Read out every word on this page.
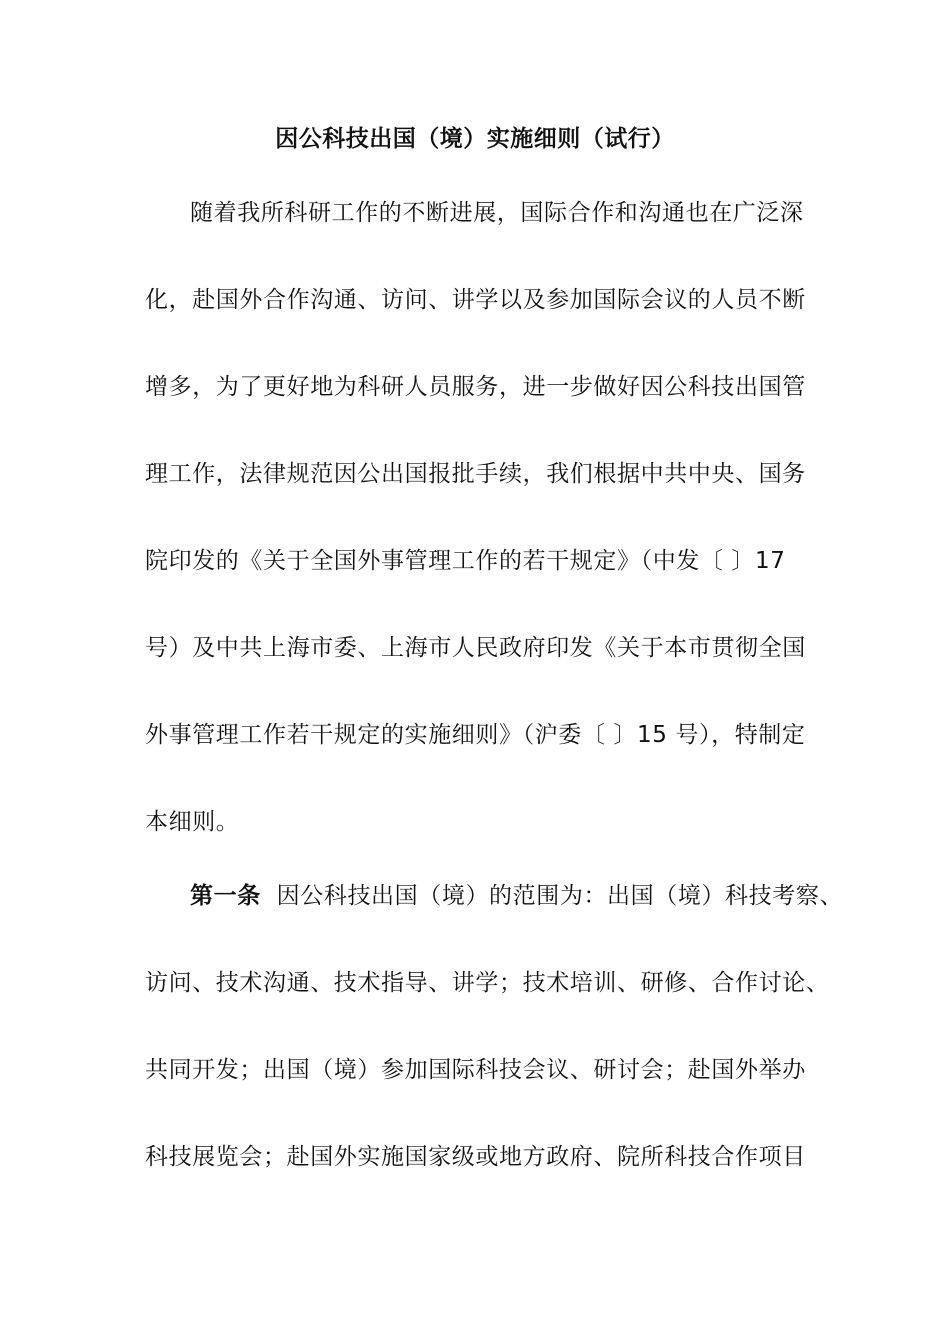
因公科技出国（境）实施细则（试行）
随着我所科研工作的不断进展，国际合作和沟通也在广泛深
化，赴国外合作沟通、访问、讲学以及参加国际会议的人员不断
增多，为了更好地为科研人员服务，进一步做好因公科技出国管
理工作，法律规范因公出国报批手续，我们根据中共中央、国务
院印发的《关于全国外事管理工作的若干规定》（中发〔 〕17
号）及中共上海市委、上海市人民政府印发《关于本市贯彻全国
外事管理工作若干规定的实施细则》（沪委〔 〕15 号），特制定
本细则。
第一条 因公科技出国（境）的范围为：出国（境）科技考察、
访问、技术沟通、技术指导、讲学；技术培训、研修、合作讨论、
共同开发；出国（境）参加国际科技会议、研讨会；赴国外举办
科技展览会；赴国外实施国家级或地方政府、院所科技合作项目
